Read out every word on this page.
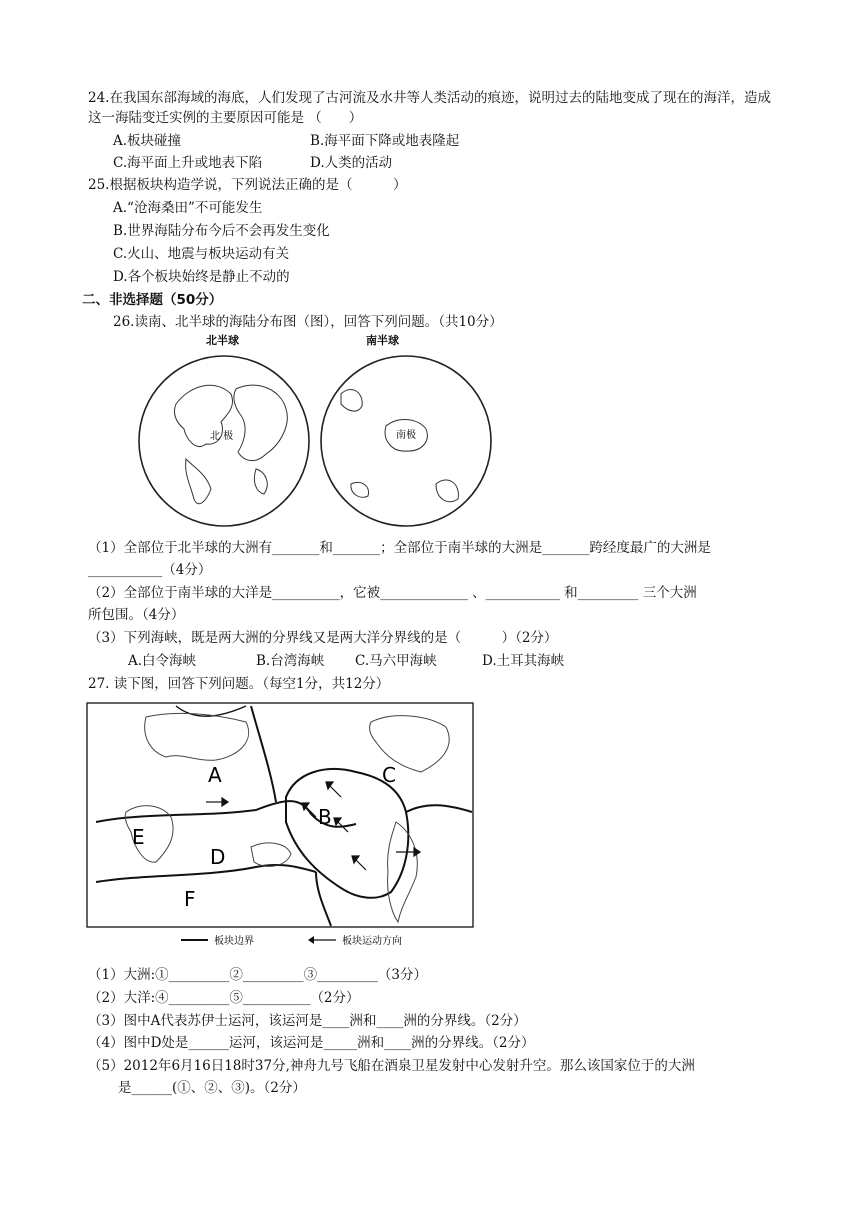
24.在我国东部海域的海底，人们发现了古河流及水井等人类活动的痕迹，说明过去的陆地变成了现在的海洋，造成
这一海陆变迁实例的主要原因可能是 （　　）
A.板块碰撞	B.海平面下降或地表隆起
C.海平面上升或地表下陷	D.人类的活动
25.根据板块构造学说，下列说法正确的是（　　　）
A.“沧海桑田”不可能发生
B.世界海陆分布今后不会再发生变化
C.火山、地震与板块运动有关
D.各个板块始终是静止不动的
二、非选择题（50分）
26.读南、北半球的海陆分布图（图），回答下列问题。（共10分）
北半球
北 极
南半球
南极
（1）全部位于北半球的大洲有_______和_______；全部位于南半球的大洲是_______跨经度最广的大洲是
___________（4分）
（2）全部位于南半球的大洋是__________，它被_____________ 、___________ 和_________ 三个大洲
所包围。（4分）
（3）下列海峡，既是两大洲的分界线又是两大洋分界线的是（　　　）（2分）
A.白令海峡	B.台湾海峡 C.马六甲海峡	D.土耳其海峡
27. 读下图，回答下列问题。（每空1分，共12分）
A
B
C
D
E
F
板块边界	板块运动方向
（1）大洲:①_________②_________③_________（3分）
（2）大洋:④_________⑤__________（2分）
（3）图中A代表苏伊士运河，该运河是____洲和____洲的分界线。（2分）
（4）图中D处是______运河，该运河是_____洲和____洲的分界线。（2分）
（5）2012年6月16日18时37分,神舟九号飞船在酒泉卫星发射中心发射升空。那么该国家位于的大洲
是______(①、②、③)。（2分）
